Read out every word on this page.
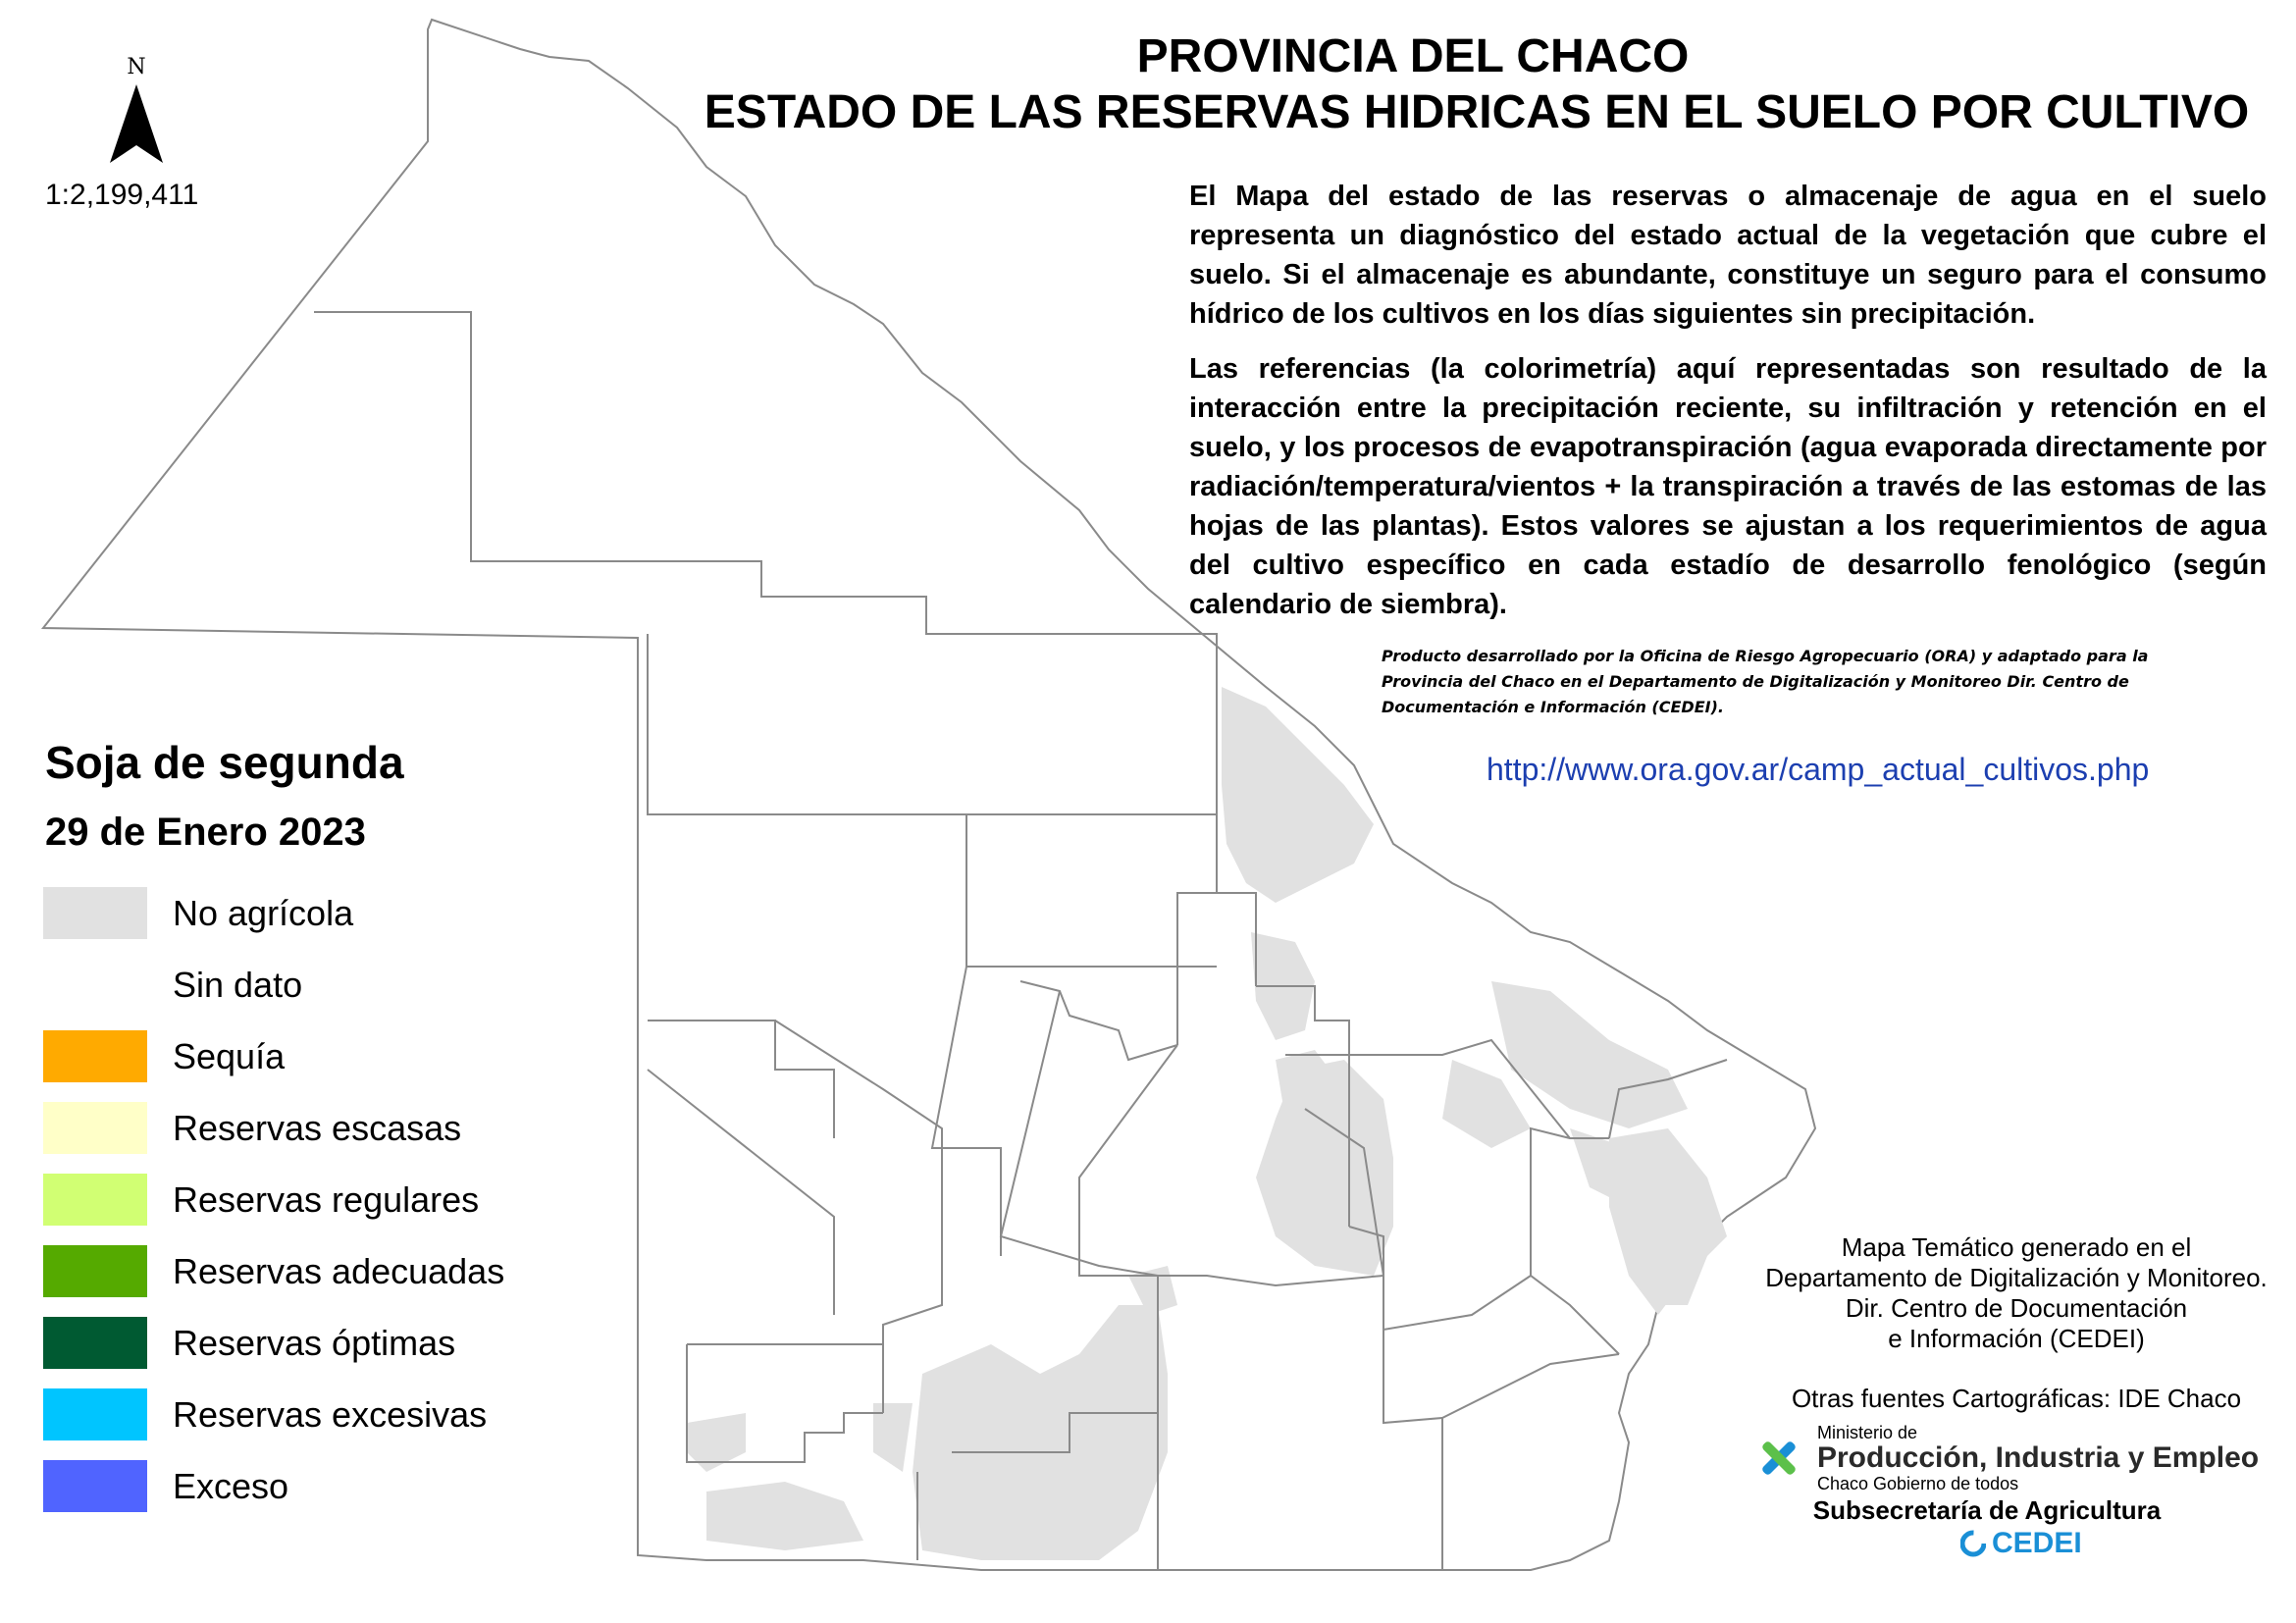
PROVINCIA DEL CHACO
ESTADO DE LAS RESERVAS HIDRICAS EN EL SUELO POR CULTIVO

El Mapa del estado de las reservas o almacenaje de agua en el suelo representa un diagnóstico del estado actual de la vegetación que cubre el suelo. Si el almacenaje es abundante, constituye un seguro para el consumo hídrico de los cultivos en los días siguientes sin precipitación.

Las referencias (la colorimetría) aquí representadas son resultado de la interacción entre la precipitación reciente, su infiltración y retención en el suelo, y los procesos de evapotranspiración (agua evaporada directamente por radiación/temperatura/vientos + la transpiración a través de las estomas de las hojas de las plantas). Estos valores se ajustan a los requerimientos de agua del cultivo específico en cada estadío de desarrollo fenológico (según calendario de siembra).

Producto desarrollado por la Oficina de Riesgo Agropecuario (ORA) y adaptado para la Provincia del Chaco en el Departamento de Digitalización y Monitoreo Dir. Centro de Documentación e Información (CEDEI).
http://www.ora.gov.ar/camp_actual_cultivos.php
N
1:2,199,411
Soja de segunda
29 de Enero 2023
No agrícola
Sin dato
Sequía
Reservas escasas
Reservas regulares
Reservas adecuadas
Reservas óptimas
Reservas excesivas
Exceso
Mapa Temático generado en el
Departamento de Digitalización y Monitoreo.
Dir. Centro de Documentación
e Información (CEDEI)
Otras fuentes Cartográficas: IDE Chaco
Ministerio de
Producción, Industria y Empleo
Chaco Gobierno de todos
Subsecretaría de Agricultura
CEDEI
